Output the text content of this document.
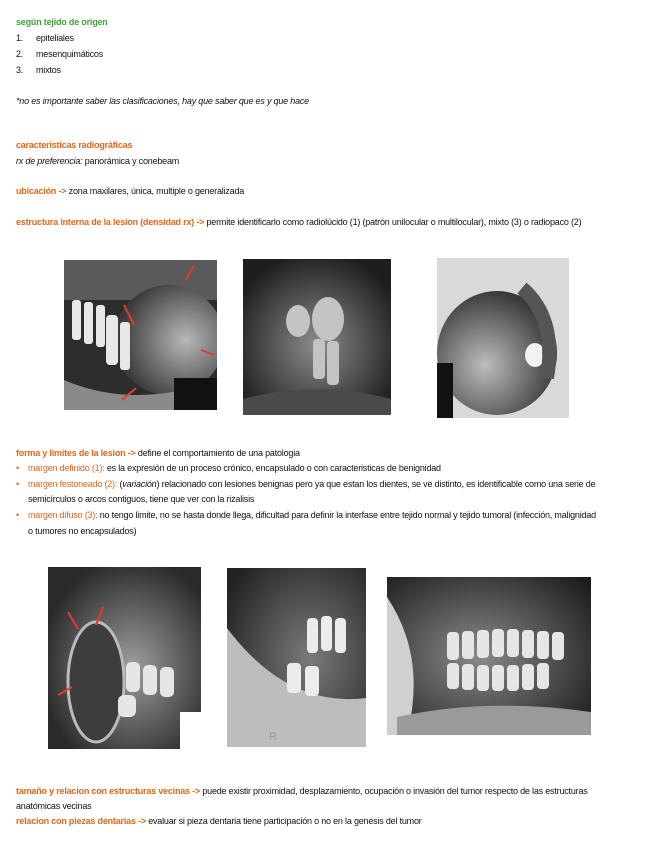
según tejido de origen
1. epiteliales
2. mesenquimáticos
3. mixtos
*no es importante saber las clasificaciones, hay que saber que es y que hace
caracteristicas radiográficas
rx de preferencia: panorámica y conebeam
ubicación -> zona maxilares, única, multiple o generalizada
estructura interna de la lesion (densidad rx) -> permite identificarlo como radiolúcido (1) (patrón unilocular o multilocular), mixto (3) o radiopaco (2)
forma y limites de la lesion -> define el comportamiento de una patologia
• margen definido (1): es la expresión de un proceso crónico, encapsulado o con caracteristicas de benignidad
• margen festoneado (2): (variación) relacionado con lesiones benignas pero ya que estan los dientes, se ve distinto, es identificable como una serie de
semicírculos o arcos contiguos, tiene que ver con la rizalisis
• margen difuso (3): no tengo limite, no se hasta donde llega, dificultad para definir la interfase entre tejido normal y tejido tumoral (infección, malignidad
o tumores no encapsulados)
R
tamaño y relacion con estructuras vecinas -> puede existir proximidad, desplazamiento, ocupación o invasión del tumor respecto de las estructuras
anatómicas vecinas
relacion con piezas dentarias -> evaluar si pieza dentaria tiene participación o no en la genesis del tumor
